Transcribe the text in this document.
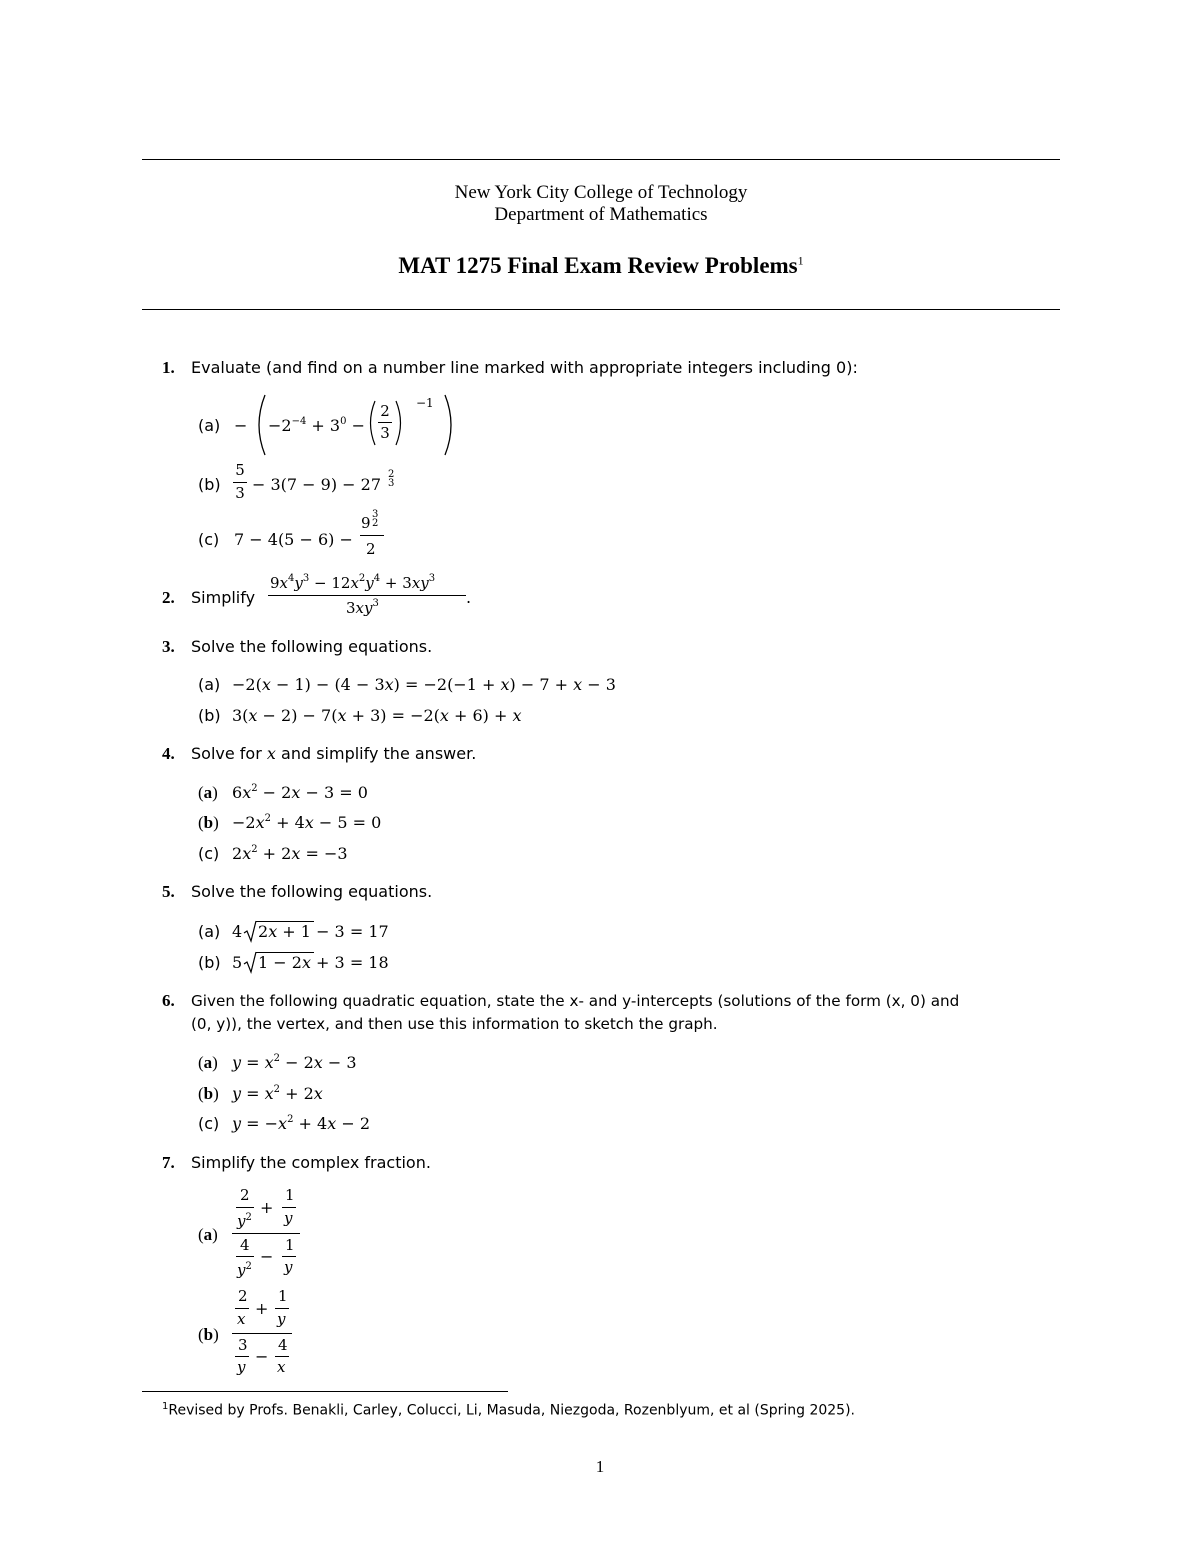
New York City College of Technology
Department of Mathematics
MAT 1275 Final Exam Review Problems$^1$
1. Evaluate (and find on a number line marked with appropriate integers including 0):
$(a) - -2^{-4} + 3^0$ −
2
3
−1
(b)
5
3 − 3(7 − 9) − 27
2
3
(c) 7 − 4(5 − 6) −
9 3
2
2
2. Simplify
$9x^4y^3 - 12x^2y^4 + 3xy^3$
$3xy^3$	.
3. Solve the following equations.
(a) −2(x − 1) − (4 − 3x) = −2(−1 + x) − 7 + x − 3
(b) 3(x − 2) − 7(x + 3) = −2(x + 6) + x
4. Solve for x and simplify the answer.
(a) $6x^2 - 2x - 3 = 0$
$(b) -2x^2 + 4x - 5 = 0$
(c) $2x^2 + 2x = -3$
5. Solve the following equations.
(a) 4 2x + 1 − 3 = 17
(b) 5 1 − 2x + 3 = 18
6. Given the following quadratic equation, state the x- and y-intercepts (solutions of the form (x, 0) and
(0, y)), the vertex, and then use this information to sketch the graph.
(a) $y = x^2 - 2x - 3$
(b) $y = x^2 + 2x$
(c) $y = -x^2 + 4x - 2$
7. Simplify the complex fraction.
(a)
2
$y^2$
+
1
y
4
$y^2$
−
1
y
(b)
2
x
+
1
y
3
y
−
4
x
$^1$Revised by Profs. Benakli, Carley, Colucci, Li, Masuda, Niezgoda, Rozenblyum, et al (Spring 2025).
1
